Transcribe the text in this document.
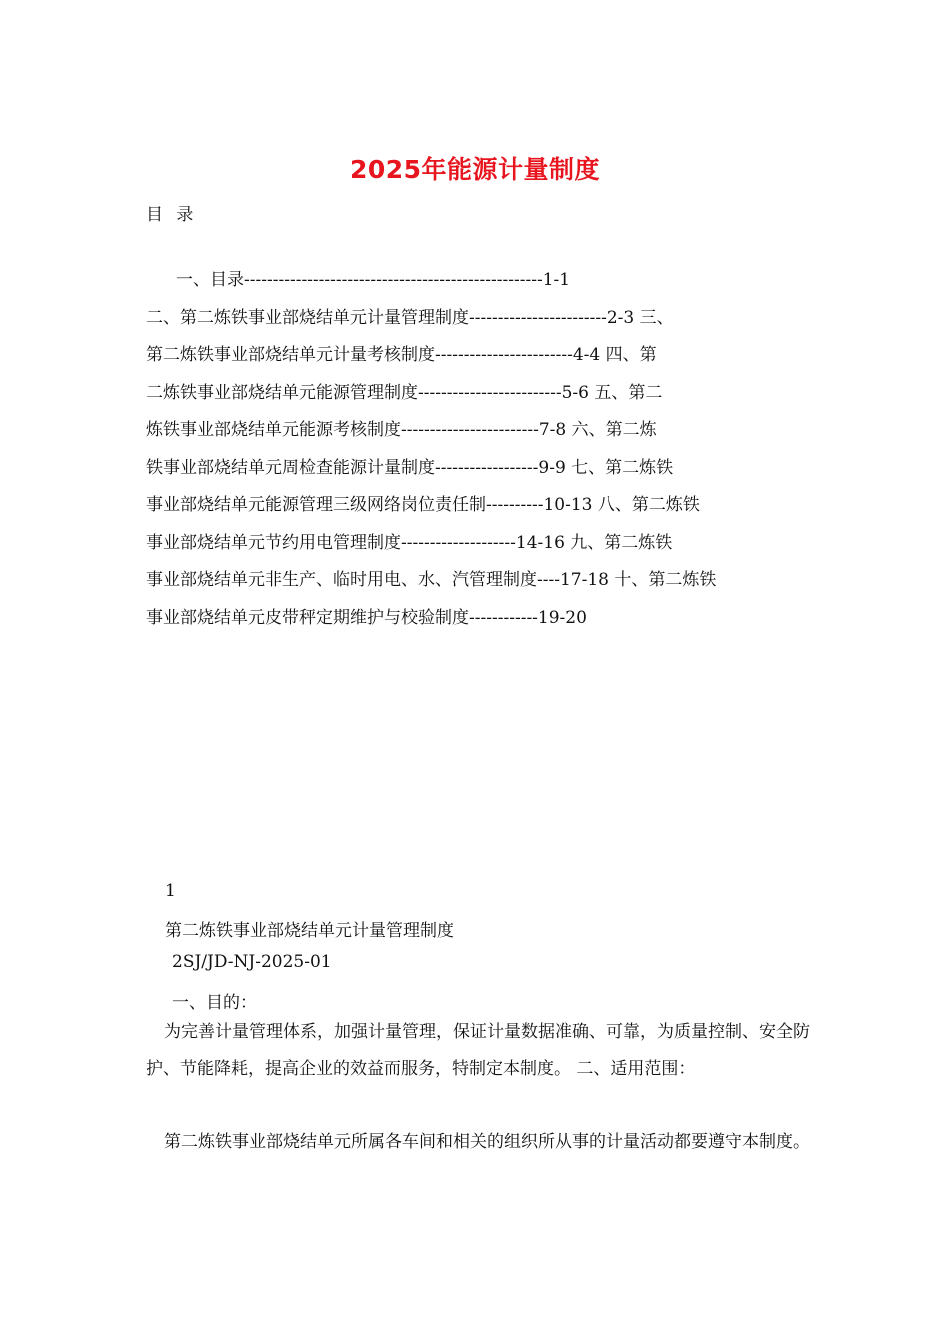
2025年能源计量制度
目 录
一、目录----------------------------------------------------1-1
二、第二炼铁事业部烧结单元计量管理制度------------------------2-3 三、
第二炼铁事业部烧结单元计量考核制度------------------------4-4 四、第
二炼铁事业部烧结单元能源管理制度-------------------------5-6 五、第二
炼铁事业部烧结单元能源考核制度------------------------7-8 六、第二炼
铁事业部烧结单元周检查能源计量制度------------------9-9 七、第二炼铁
事业部烧结单元能源管理三级网络岗位责任制----------10-13 八、第二炼铁
事业部烧结单元节约用电管理制度--------------------14-16 九、第二炼铁
事业部烧结单元非生产、临时用电、水、汽管理制度----17-18 十、第二炼铁
事业部烧结单元皮带秤定期维护与校验制度------------19-20
1
第二炼铁事业部烧结单元计量管理制度
2SJ/JD-NJ-2025-01
一、目的：
为完善计量管理体系，加强计量管理，保证计量数据准确、可靠，为质量控制、安全防护、节能降耗，提高企业的效益而服务，特制定本制度。 二、适用范围：
第二炼铁事业部烧结单元所属各车间和相关的组织所从事的计量活动都要遵守本制度。
